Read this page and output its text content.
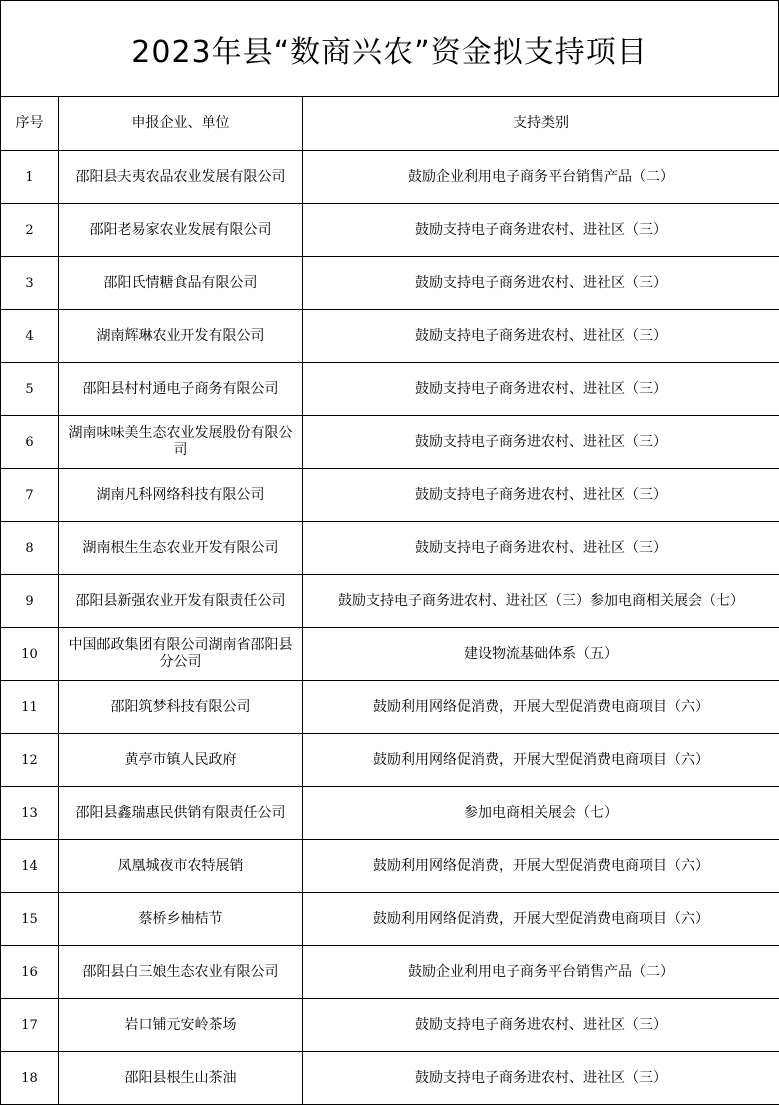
2023年县“数商兴农”资金拟支持项目
序号	申报企业、单位	支持类别
1	邵阳县夫夷农品农业发展有限公司	鼓励企业利用电子商务平台销售产品（二）
2	邵阳老易家农业发展有限公司	鼓励支持电子商务进农村、进社区（三）
3	邵阳氏情糖食品有限公司	鼓励支持电子商务进农村、进社区（三）
4	湖南辉琳农业开发有限公司	鼓励支持电子商务进农村、进社区（三）
5	邵阳县村村通电子商务有限公司	鼓励支持电子商务进农村、进社区（三）
6	湖南味味美生态农业发展股份有限公司	鼓励支持电子商务进农村、进社区（三）
7	湖南凡科网络科技有限公司	鼓励支持电子商务进农村、进社区（三）
8	湖南根生生态农业开发有限公司	鼓励支持电子商务进农村、进社区（三）
9	邵阳县新强农业开发有限责任公司	鼓励支持电子商务进农村、进社区（三）参加电商相关展会（七）
10	中国邮政集团有限公司湖南省邵阳县分公司	建设物流基础体系（五）
11	邵阳筑梦科技有限公司	鼓励利用网络促消费，开展大型促消费电商项目（六）
12	黄亭市镇人民政府	鼓励利用网络促消费，开展大型促消费电商项目（六）
13	邵阳县鑫瑞惠民供销有限责任公司	参加电商相关展会（七）
14	凤凰城夜市农特展销	鼓励利用网络促消费，开展大型促消费电商项目（六）
15	蔡桥乡柚桔节	鼓励利用网络促消费，开展大型促消费电商项目（六）
16	邵阳县白三娘生态农业有限公司	鼓励企业利用电子商务平台销售产品（二）
17	岩口铺元安岭茶场	鼓励支持电子商务进农村、进社区（三）
18	邵阳县根生山茶油	鼓励支持电子商务进农村、进社区（三）
